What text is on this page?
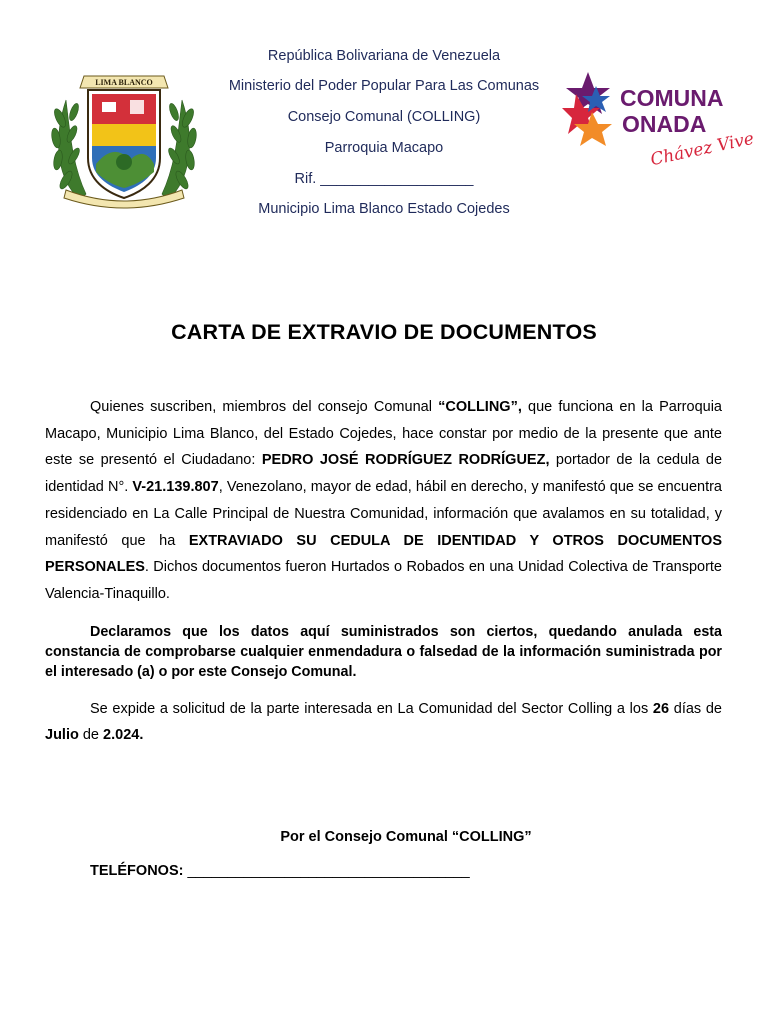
República Bolivariana de Venezuela
Ministerio del Poder Popular Para Las Comunas
Consejo Comunal (COLLING)
Parroquia Macapo
Rif. ___________________
Municipio Lima Blanco Estado Cojedes
LIMA BLANCO
COMUNA
ONADA
Chávez Vive
CARTA DE EXTRAVIO DE DOCUMENTOS
Quienes suscriben, miembros del consejo Comunal “COLLING”, que funciona en la Parroquia Macapo, Municipio Lima Blanco, del Estado Cojedes, hace constar por medio de la presente que ante este se presentó el Ciudadano: PEDRO JOSÉ RODRÍGUEZ RODRÍGUEZ, portador de la cedula de identidad N°. V-21.139.807, Venezolano, mayor de edad, hábil en derecho, y manifestó que se encuentra residenciado en La Calle Principal de Nuestra Comunidad, información que avalamos en su totalidad, y manifestó que ha EXTRAVIADO SU CEDULA DE IDENTIDAD Y OTROS DOCUMENTOS PERSONALES. Dichos documentos fueron Hurtados o Robados en una Unidad Colectiva de Transporte Valencia-Tinaquillo.
Declaramos que los datos aquí suministrados son ciertos, quedando anulada esta constancia de comprobarse cualquier enmendadura o falsedad de la información suministrada por el interesado (a) o por este Consejo Comunal.
Se expide a solicitud de la parte interesada en La Comunidad del Sector Colling a los 26 días de Julio de 2.024.
Por el Consejo Comunal “COLLING”
TELÉFONOS: ___________________________________
